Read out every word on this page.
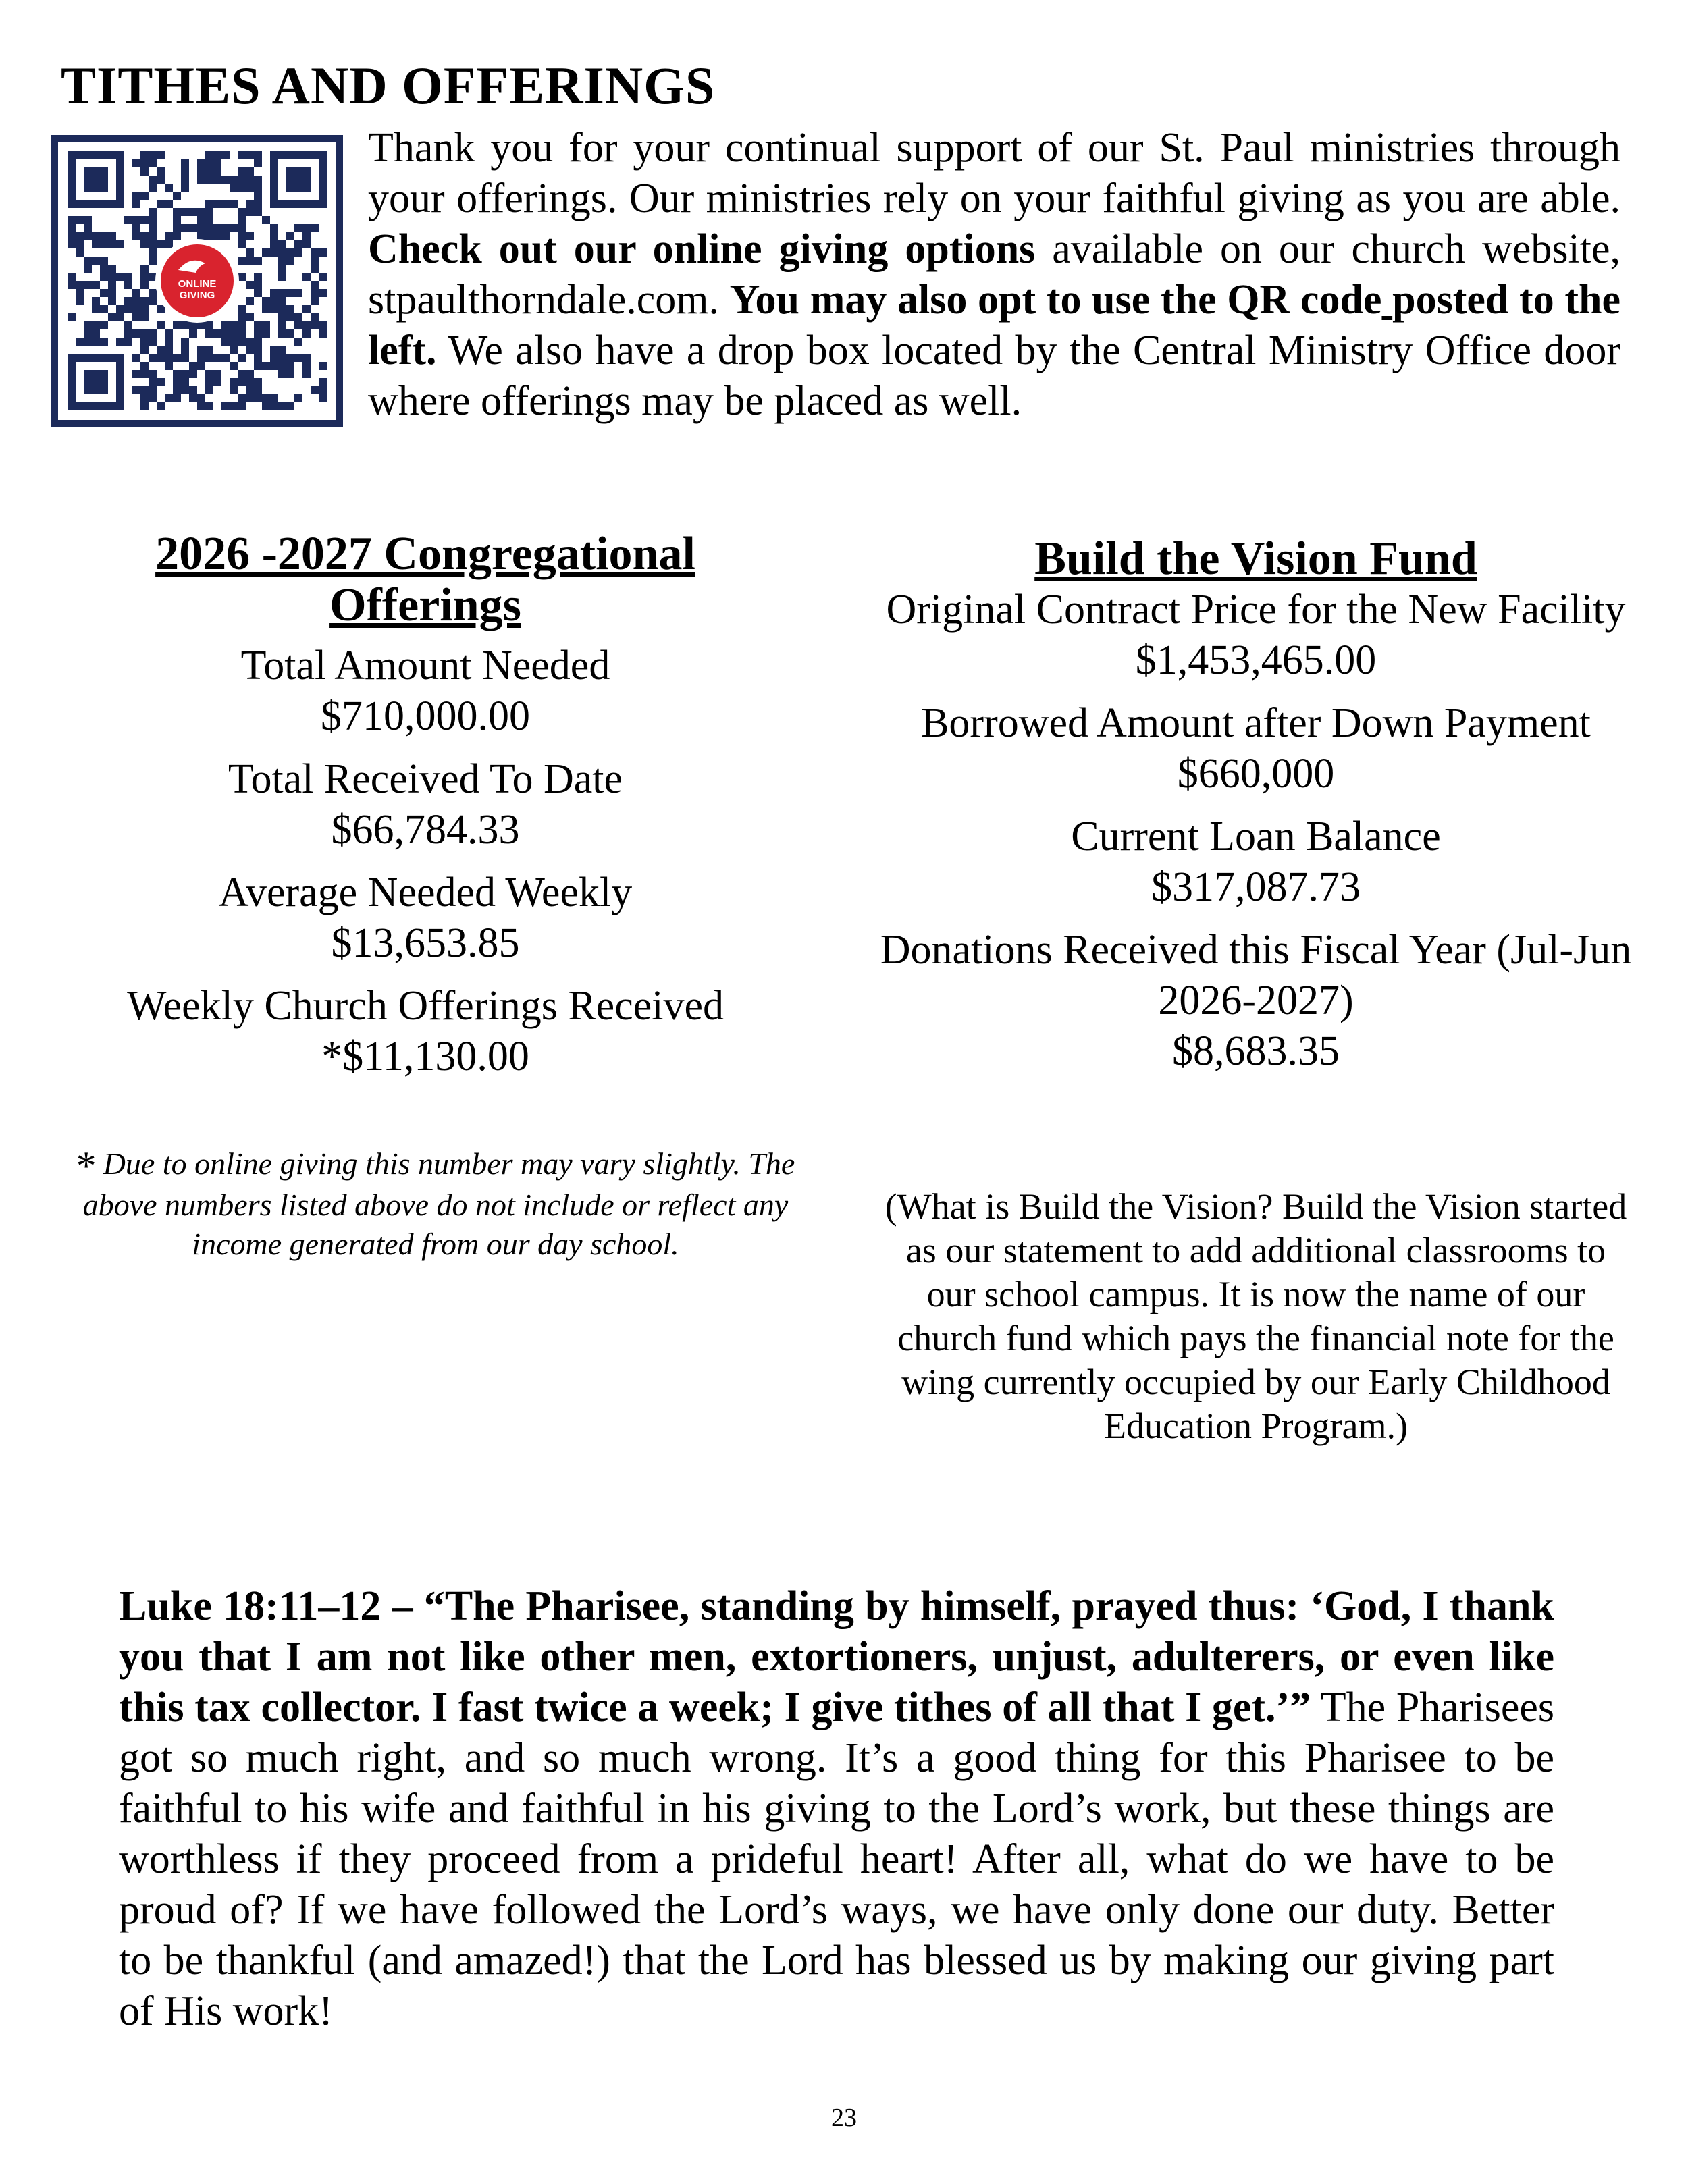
TITHES AND OFFERINGS
ONLINE
GIVING

Thank you for your continual support of our St. Paul ministries through your offerings. Our ministries rely on your faithful giving as you are able. Check out our online giving options available on our church website, stpaulthorndale.com. You may also opt to use the QR code posted to the left. We also have a drop box located by the Central Ministry Office door where offerings may be placed as well.

2026 -2027 Congregational Offerings

Total Amount Needed

$710,000.00

Total Received To Date

$66,784.33

Average Needed Weekly

$13,653.85

Weekly Church Offerings Received

*$11,130.00

* Due to online giving this number may vary slightly. The above numbers listed above do not include or reflect any income generated from our day school.
Build the Vision Fund

Original Contract Price for the New Facility

$1,453,465.00

Borrowed Amount after Down Payment

$660,000

Current Loan Balance

$317,087.73

Donations Received this Fiscal Year (Jul-Jun 2026-2027)

$8,683.35

(What is Build the Vision? Build the Vision started as our statement to add additional classrooms to our school campus. It is now the name of our church fund which pays the financial note for the wing currently occupied by our Early Childhood Education Program.)
Luke 18:11–12 – “The Pharisee, standing by himself, prayed thus: ‘God, I thank you that I am not like other men, extortioners, unjust, adulterers, or even like this tax collector. I fast twice a week; I give tithes of all that I get.’” The Pharisees got so much right, and so much wrong. It’s a good thing for this Pharisee to be faithful to his wife and faithful in his giving to the Lord’s work, but these things are worthless if they proceed from a prideful heart! After all, what do we have to be proud of? If we have followed the Lord’s ways, we have only done our duty. Better to be thankful (and amazed!) that the Lord has blessed us by making our giving part of His work!
23
